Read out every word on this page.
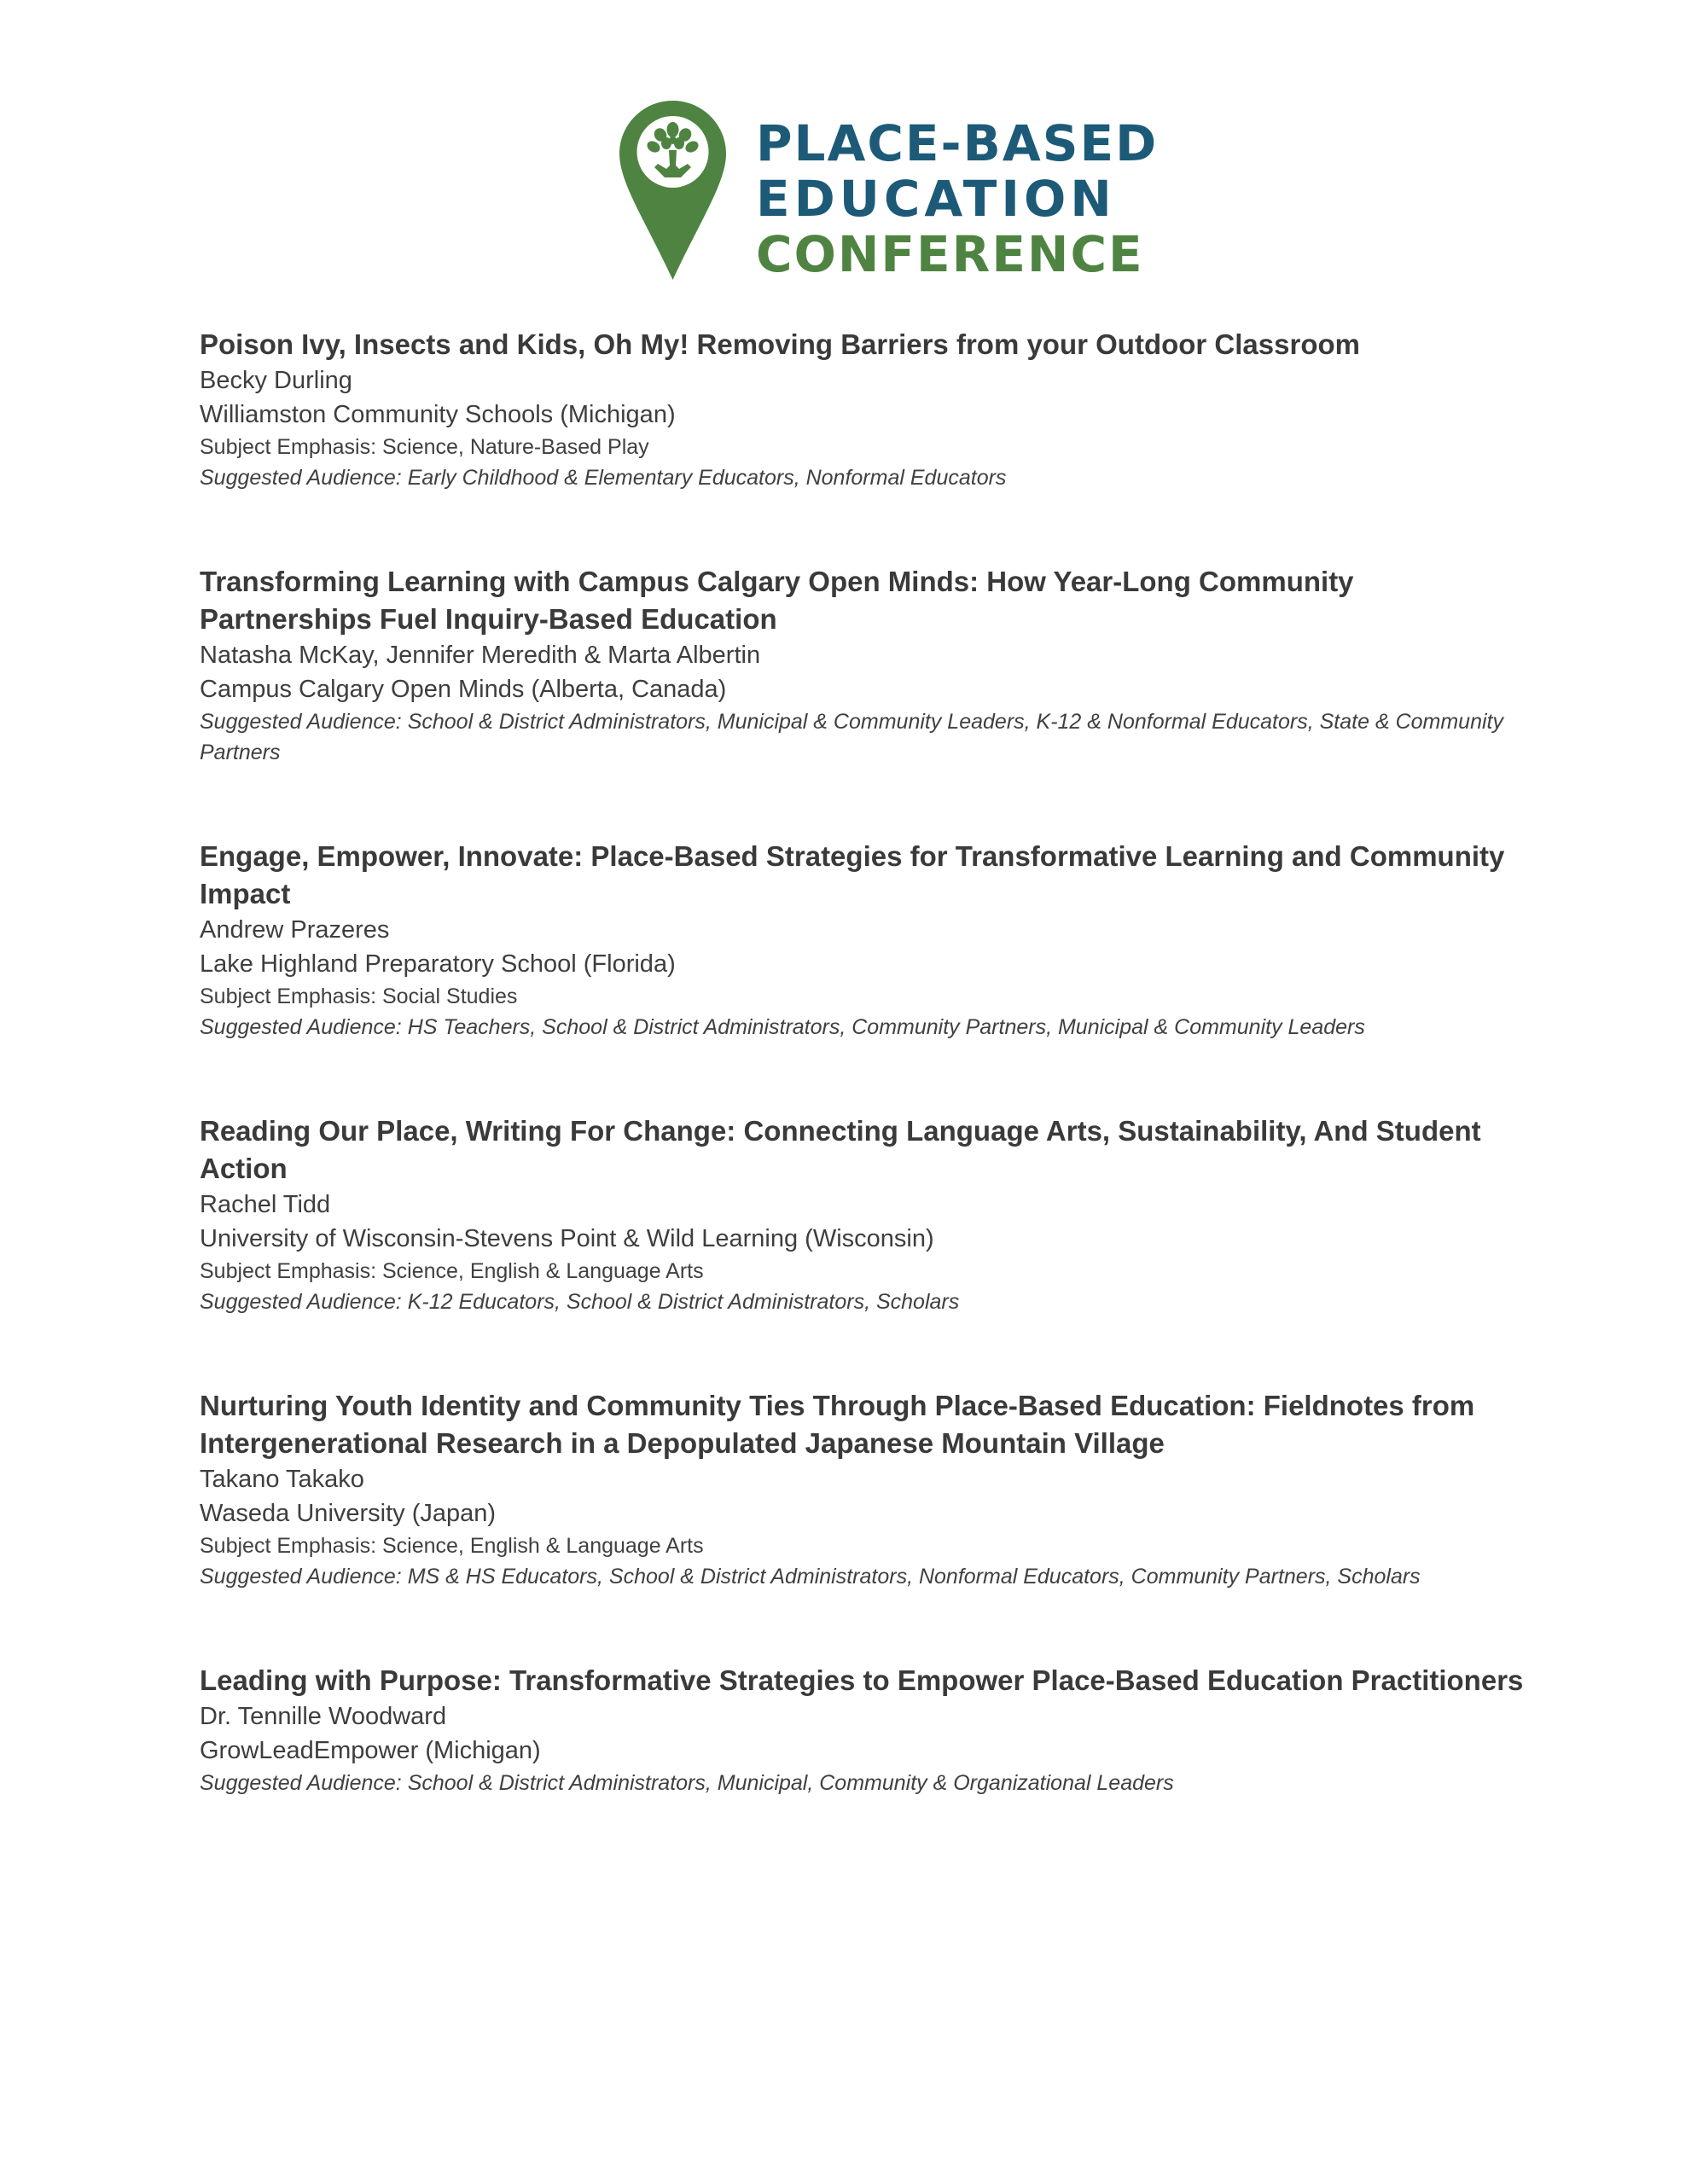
PLACE-BASED
EDUCATION
CONFERENCE

Poison Ivy, Insects and Kids, Oh My! Removing Barriers from your Outdoor Classroom

Becky Durling

Williamston Community Schools (Michigan)

Subject Emphasis: Science, Nature-Based Play

Suggested Audience: Early Childhood & Elementary Educators, Nonformal Educators

Transforming Learning with Campus Calgary Open Minds: How Year-Long Community Partnerships Fuel Inquiry-Based Education

Natasha McKay, Jennifer Meredith & Marta Albertin

Campus Calgary Open Minds (Alberta, Canada)

Suggested Audience: School & District Administrators, Municipal & Community Leaders, K-12 & Nonformal Educators, State & Community Partners

Engage, Empower, Innovate: Place-Based Strategies for Transformative Learning and Community Impact

Andrew Prazeres

Lake Highland Preparatory School (Florida)

Subject Emphasis: Social Studies

Suggested Audience: HS Teachers, School & District Administrators, Community Partners, Municipal & Community Leaders

Reading Our Place, Writing For Change: Connecting Language Arts, Sustainability, And Student Action

Rachel Tidd

University of Wisconsin-Stevens Point & Wild Learning (Wisconsin)

Subject Emphasis: Science, English & Language Arts

Suggested Audience: K-12 Educators, School & District Administrators, Scholars

Nurturing Youth Identity and Community Ties Through Place-Based Education: Fieldnotes from Intergenerational Research in a Depopulated Japanese Mountain Village

Takano Takako

Waseda University (Japan)

Subject Emphasis: Science, English & Language Arts

Suggested Audience: MS & HS Educators, School & District Administrators, Nonformal Educators, Community Partners, Scholars

Leading with Purpose: Transformative Strategies to Empower Place-Based Education Practitioners

Dr. Tennille Woodward

GrowLeadEmpower (Michigan)

Suggested Audience: School & District Administrators, Municipal, Community & Organizational Leaders
